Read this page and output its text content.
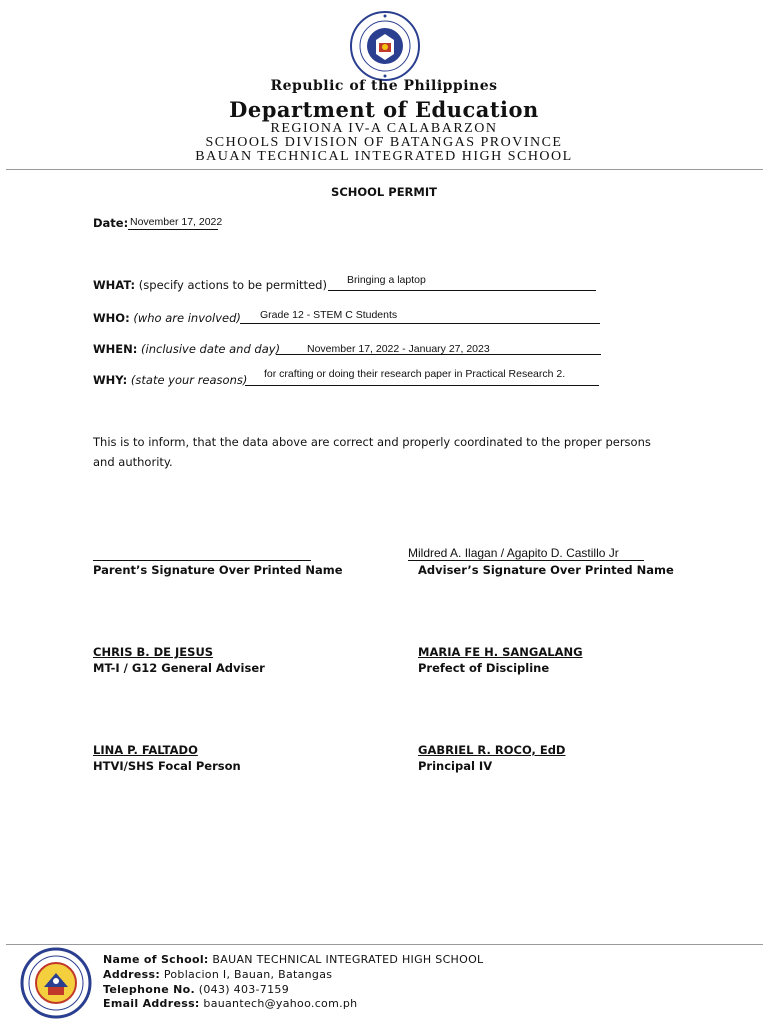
Republic of the Philippines
Department of Education
REGIONA IV-A CALABARZON
SCHOOLS DIVISION OF BATANGAS PROVINCE
BAUAN TECHNICAL INTEGRATED HIGH SCHOOL
SCHOOL PERMIT
Date: November 17, 2022
WHAT: (specify actions to be permitted) Bringing a laptop
WHO: (who are involved) Grade 12 - STEM C Students
WHEN: (inclusive date and day)	November 17, 2022 - January 27, 2023
WHY: (state your reasons) for crafting or doing their research paper in Practical Research 2.
This is to inform, that the data above are correct and properly coordinated to the proper persons and authority.
Parent’s Signature Over Printed Name
Mildred A. Ilagan / Agapito D. Castillo Jr
Adviser’s Signature Over Printed Name
CHRIS B. DE JESUS
MT-I / G12 General Adviser
MARIA FE H. SANGALANG
Prefect of Discipline
LINA P. FALTADO
HTVI/SHS Focal Person
GABRIEL R. ROCO, EdD
Principal IV
Name of School: BAUAN TECHNICAL INTEGRATED HIGH SCHOOL
Address: Poblacion I, Bauan, Batangas
Telephone No. (043) 403-7159
Email Address: bauantech@yahoo.com.ph
